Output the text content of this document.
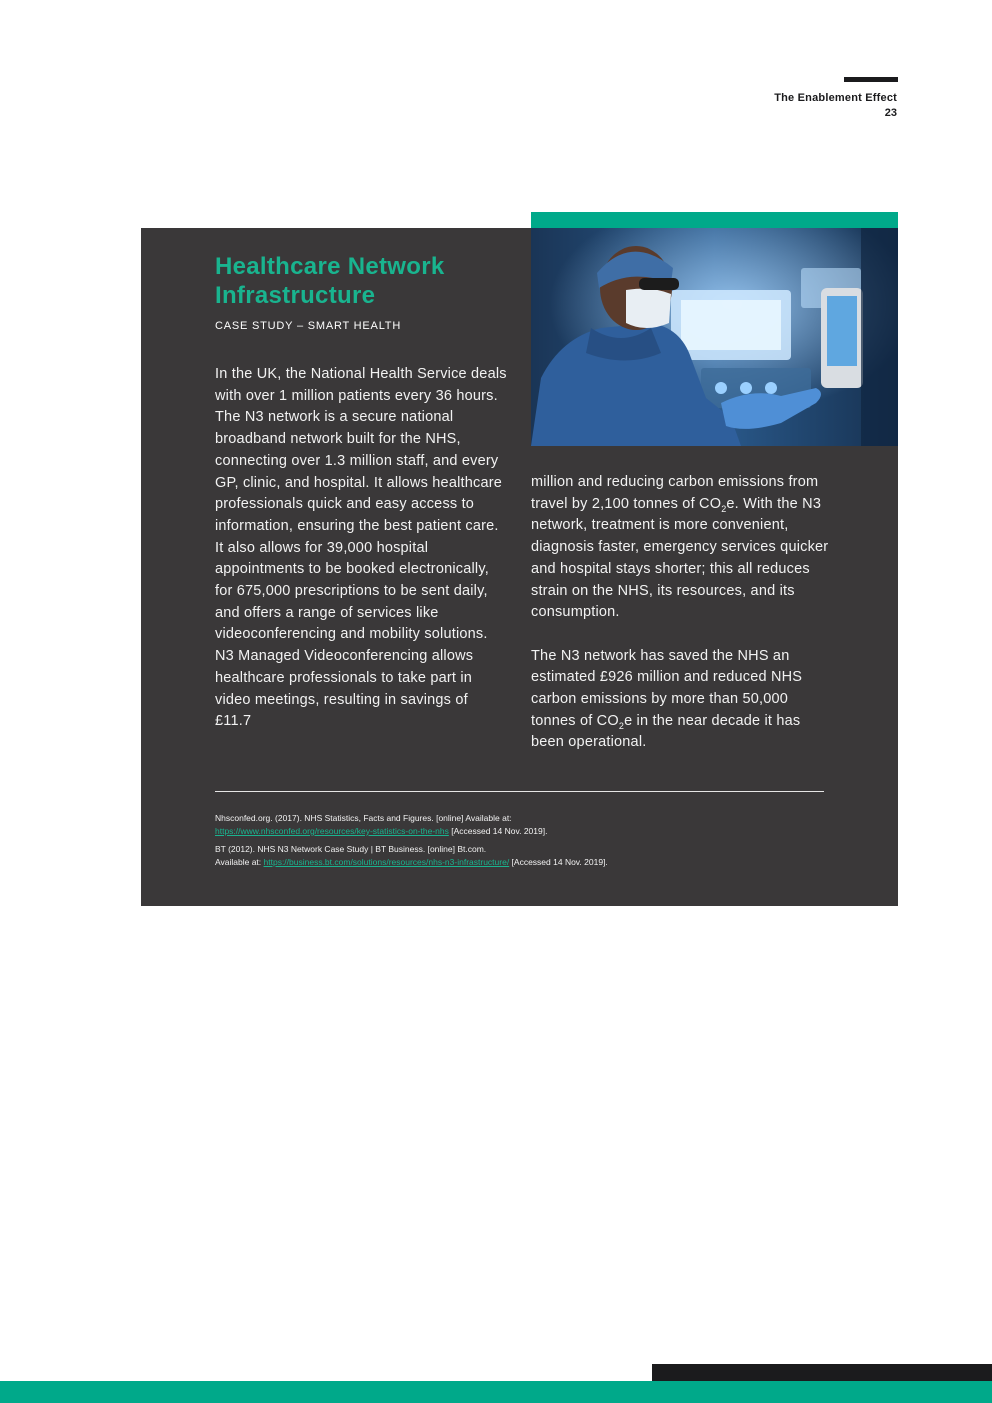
The Enablement Effect
23
Healthcare Network Infrastructure
CASE STUDY – SMART HEALTH

In the UK, the National Health Service deals with over 1 million patients every 36 hours. The N3 network is a secure national broadband network built for the NHS, connecting over 1.3 million staff, and every GP, clinic, and hospital. It allows healthcare professionals quick and easy access to information, ensuring the best patient care. It also allows for 39,000 hospital appointments to be booked electronically, for 675,000 prescriptions to be sent daily, and offers a range of services like videoconferencing and mobility solutions. N3 Managed Videoconferencing allows healthcare professionals to take part in video meetings, resulting in savings of £11.7

million and reducing carbon emissions from travel by 2,100 tonnes of $CO_2e$. With the N3 network, treatment is more convenient, diagnosis faster, emergency services quicker and hospital stays shorter; this all reduces strain on the NHS, its resources, and its consumption.

The N3 network has saved the NHS an estimated £926 million and reduced NHS carbon emissions by more than 50,000 tonnes of $CO_2e$ in the near decade it has been operational.

Nhsconfed.org. (2017). NHS Statistics, Facts and Figures. [online] Available at:
https://www.nhsconfed.org/resources/key-statistics-on-the-nhs [Accessed 14 Nov. 2019].
BT (2012). NHS N3 Network Case Study | BT Business. [online] Bt.com.
Available at: https://business.bt.com/solutions/resources/nhs-n3-infrastructure/ [Accessed 14 Nov. 2019].
